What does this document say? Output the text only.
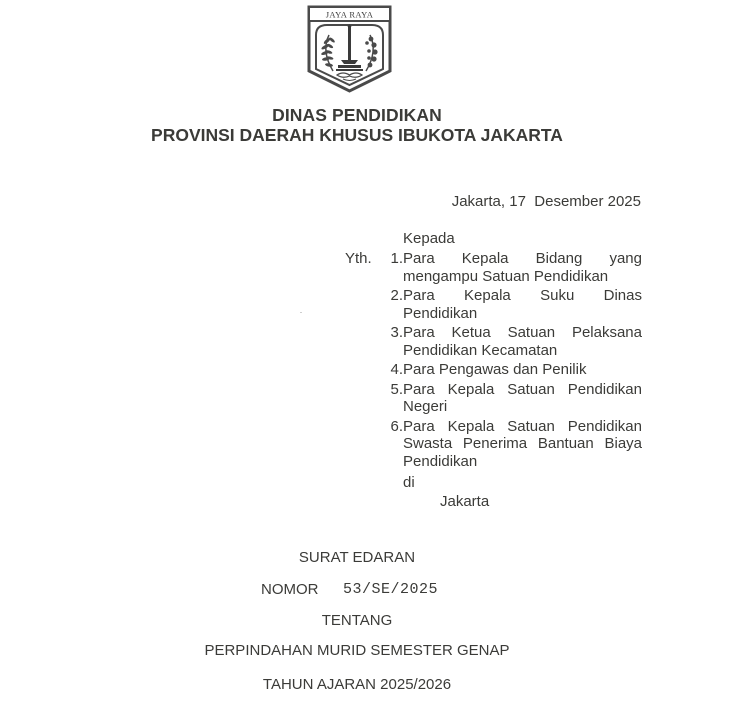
JAYA RAYA
DINAS PENDIDIKAN
PROVINSI DAERAH KHUSUS IBUKOTA JAKARTA
Jakarta, 17 Desember 2025
Kepada
Yth.	1. Para Kepala Bidang yang
mengampu Satuan Pendidikan
2. Para Kepala Suku Dinas
Pendidikan
3. Para Ketua Satuan Pelaksana
Pendidikan Kecamatan
4. Para Pengawas dan Penilik
5. Para Kepala Satuan Pendidikan
Negeri
6. Para Kepala Satuan Pendidikan
Swasta Penerima Bantuan Biaya
Pendidikan
di
Jakarta
SURAT EDARAN
NOMOR 53/SE/2025
TENTANG
PERPINDAHAN MURID SEMESTER GENAP
TAHUN AJARAN 2025/2026
